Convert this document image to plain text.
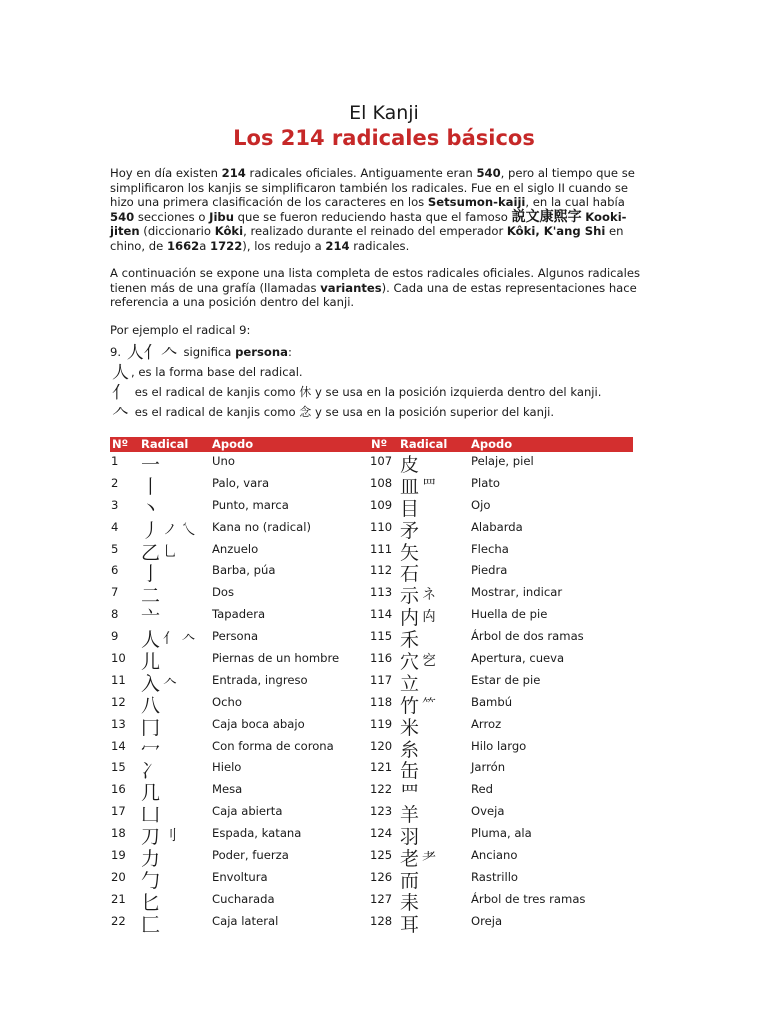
El Kanji
Los 214 radicales básicos
Hoy en día existen 214 radicales oficiales. Antiguamente eran 540, pero al tiempo que se simplificaron los kanjis se simplificaron también los radicales. Fue en el siglo II cuando se hizo una primera clasificación de los caracteres en los Setsumon-kaiji, en la cual había 540 secciones o Jibu que se fueron reduciendo hasta que el famoso 説文康熙字 Kooki-jiten (diccionario Kôki, realizado durante el reinado del emperador Kôki, K'ang Shi en chino, de 1662a 1722), los redujo a 214 radicales.
A continuación se expone una lista completa de estos radicales oficiales. Algunos radicales tienen más de una grafía (llamadas variantes). Cada una de estas representaciones hace referencia a una posición dentro del kanji.
Por ejemplo el radical 9:
9. 人亻𠆢 significa persona:
人 , es la forma base del radical.
亻 es el radical de kanjis como 休 y se usa en la posición izquierda dentro del kanji.
𠆢 es el radical de kanjis como 念 y se usa en la posición superior del kanji.
Nº Radical Apodo
1 一	Uno
2 丨	Palo, vara
3 丶	Punto, marca
4 丿 ノ 乀 Kana no (radical)
5 乙 乚	Anzuelo
6 亅	Barba, púa
7 二	Dos
8 亠	Tapadera
9 人 亻 𠆢 Persona
10 儿	Piernas de un hombre
11 入 𠆢	Entrada, ingreso
12 八	Ocho
13 冂	Caja boca abajo
14 冖	Con forma de corona
15 冫	Hielo
16 几	Mesa
17 凵	Caja abierta
18 刀 刂	Espada, katana
19 力	Poder, fuerza
20 勹	Envoltura
21 匕	Cucharada
22 匚	Caja lateral
Nº Radical Apodo
107 皮	Pelaje, piel
108 皿 罒	Plato
109 目	Ojo
110 矛	Alabarda
111 矢	Flecha
112 石	Piedra
113 示 ネ	Mostrar, indicar
114 内 禸	Huella de pie
115 禾	Árbol de dos ramas
116 穴 穵	Apertura, cueva
117 立	Estar de pie
118 竹 ⺮	Bambú
119 米	Arroz
120 糸	Hilo largo
121 缶	Jarrón
122 罒	Red
123 羊	Oveja
124 羽	Pluma, ala
125 老 耂	Anciano
126 而	Rastrillo
127 耒	Árbol de tres ramas
128 耳	Oreja
